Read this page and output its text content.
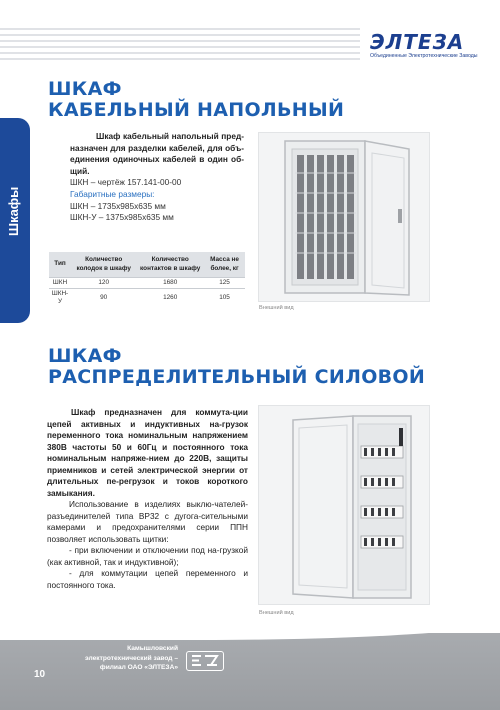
ЭЛТЕЗА
Объединенные Электротехнические Заводы
Шкафы
ШКАФ
КАБЕЛЬНЫЙ НАПОЛЬНЫЙ
Шкаф кабельный напольный пред-назначен для разделки кабелей, для объ-единения одиночных кабелей в один об-щий.
ШКН – чертёж 157.141-00-00
Габаритные размеры:
ШКН – 1735х985х635 мм
ШКН-У – 1375х985х635 мм
Тип	Количество колодок в шкафу	Количество контактов в шкафу	Масса не более, кг
ШКН	120	1680	125
ШКН-У	90	1260	105
Внешний вид
ШКАФ
РАСПРЕДЕЛИТЕЛЬНЫЙ СИЛОВОЙ
Шкаф предназначен для коммута-ции цепей активных и индуктивных на-грузок переменного тока номинальным напряжением 380В частоты 50 и 60Гц и постоянного тока номинальным напряже-нием до 220В, защиты приемников и сетей электрической энергии от длительных пе-регрузок и токов короткого замыкания.
Использование в изделиях выклю-чателей-разъединителей типа ВР32 с дугога-сительными камерами и предохранителями серии ППН позволяет использовать щитки:
- при включении и отключении под на-грузкой (как активной, так и индуктивной);
- для коммутации цепей переменного и постоянного тока.
Внешний вид
10
Камышловский электротехнический завод – филиал ОАО «ЭЛТЕЗА»
